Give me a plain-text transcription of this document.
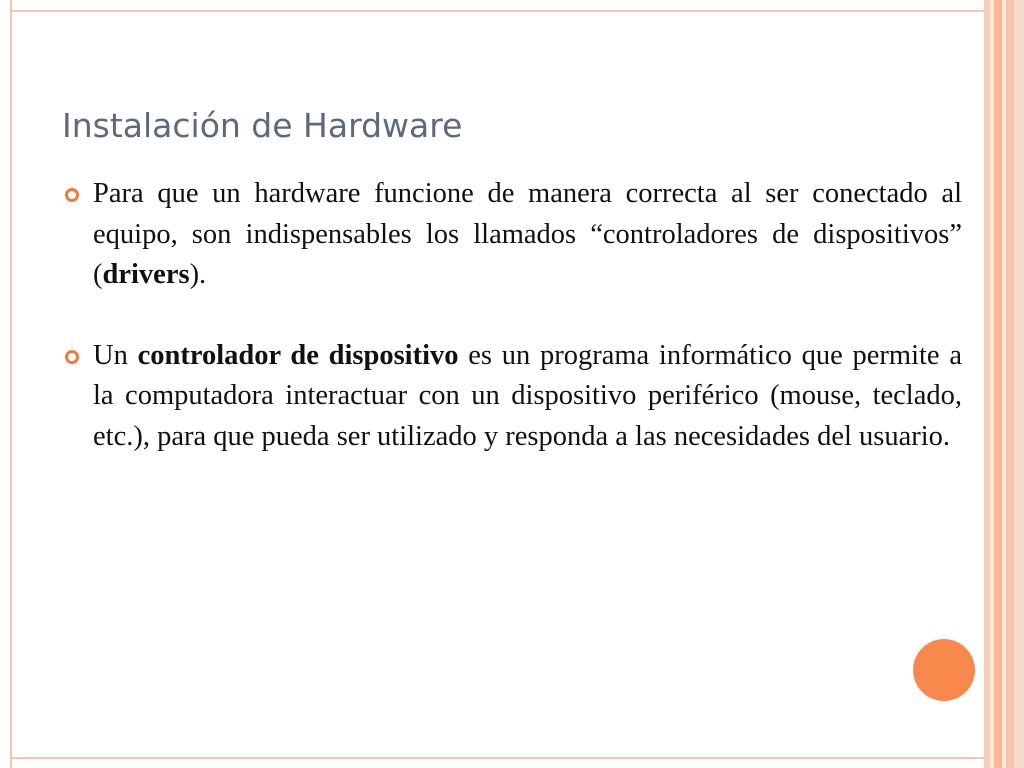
Instalación de Hardware
Para que un hardware funcione de manera correcta al ser conectado al equipo, son indispensables los llamados “controladores de dispositivos” (drivers).
Un controlador de dispositivo es un programa informático que permite a la computadora interactuar con un dispositivo periférico (mouse, teclado, etc.), para que pueda ser utilizado y responda a las necesidades del usuario.
